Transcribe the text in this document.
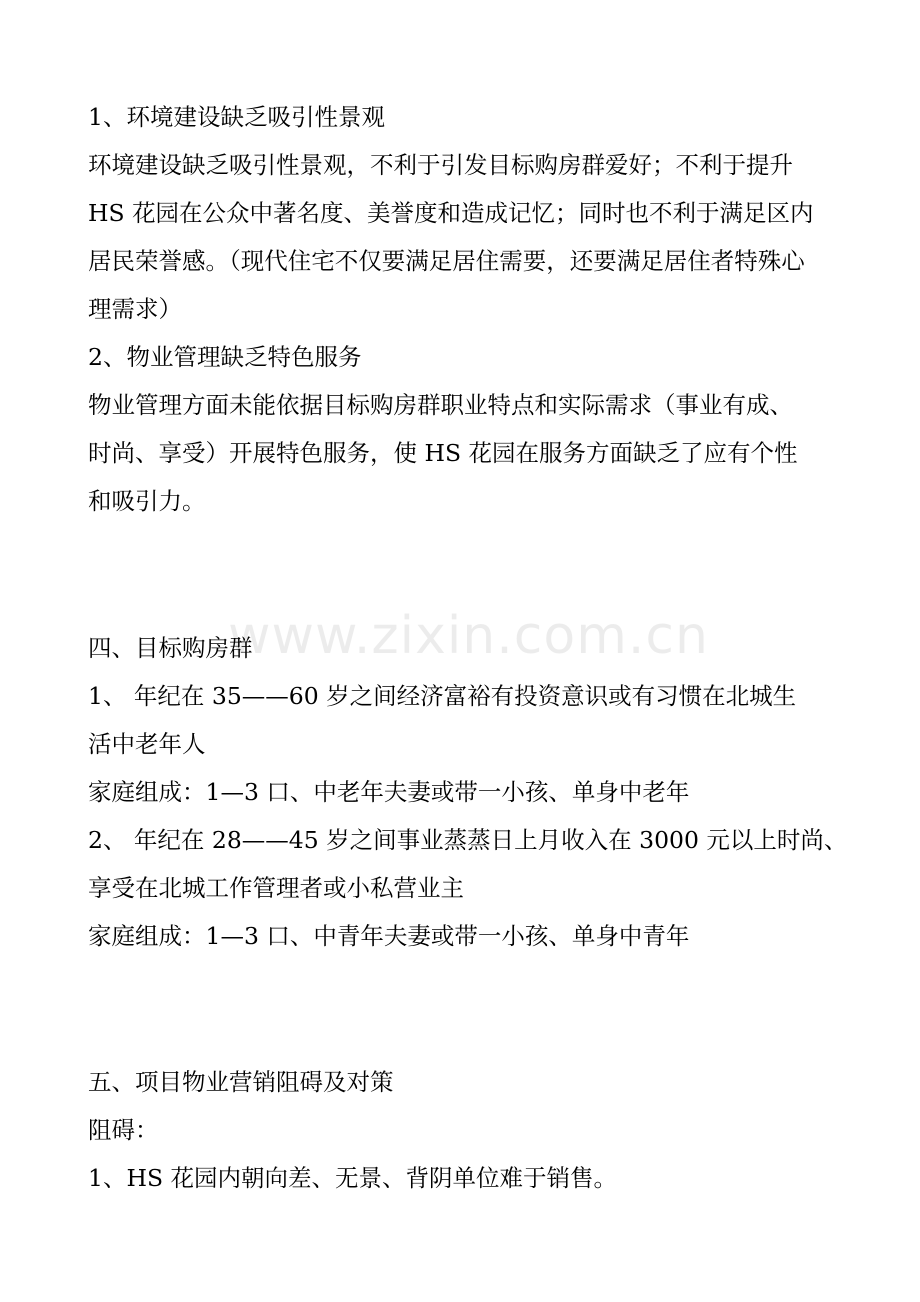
www.zixin.com.cn
1、环境建设缺乏吸引性景观
环境建设缺乏吸引性景观，不利于引发目标购房群爱好；不利于提升
HS 花园在公众中著名度、美誉度和造成记忆；同时也不利于满足区内
居民荣誉感。（现代住宅不仅要满足居住需要，还要满足居住者特殊心
理需求）
2、物业管理缺乏特色服务
物业管理方面未能依据目标购房群职业特点和实际需求（事业有成、
时尚、享受）开展特色服务，使 HS 花园在服务方面缺乏了应有个性
和吸引力。
四、目标购房群
1、 年纪在 35——60 岁之间经济富裕有投资意识或有习惯在北城生
活中老年人
家庭组成：1—3 口、中老年夫妻或带一小孩、单身中老年
2、 年纪在 28——45 岁之间事业蒸蒸日上月收入在 3000 元以上时尚、
享受在北城工作管理者或小私营业主
家庭组成：1—3 口、中青年夫妻或带一小孩、单身中青年
五、项目物业营销阻碍及对策
阻碍：
1、HS 花园内朝向差、无景、背阴单位难于销售。
